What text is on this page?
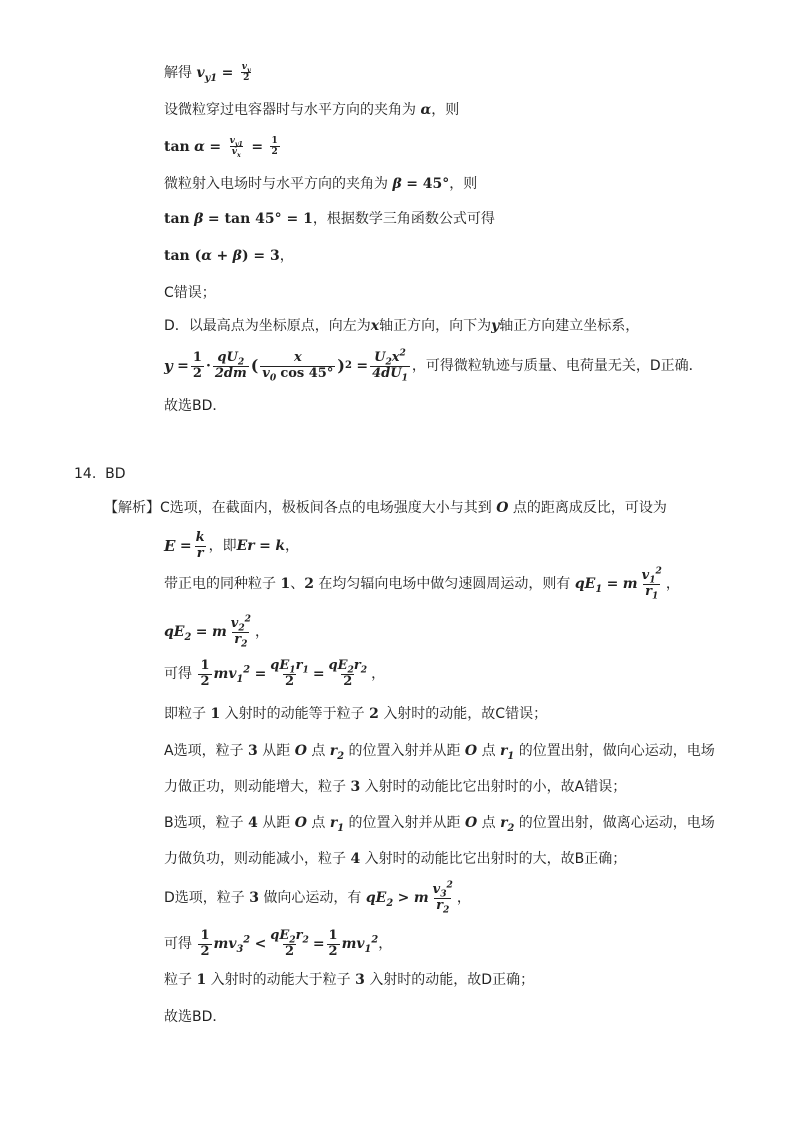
解得 $v_{y1} = \frac{v_y}{2}$
设微粒穿过电容器时与水平方向的夹角为 α，则
$\tan \alpha = \frac{v_{y1}}{v_x} = \frac{1}{2}$
微粒射入电场时与水平方向的夹角为 β = 45°，则
tan β = tan 45° = 1，根据数学三角函数公式可得
tan (α + β) = 3，
C错误；
D．以最高点为坐标原点，向左为x轴正方向，向下为y轴正方向建立坐标系，
y
= $\frac{1}{2} \cdot \frac{qU_2}{2dm}$ ( $\frac{x}{v_0 \cos 45^\circ}$ ) 2
= $\frac{U_2x^2}{4dU_1}$ ，可得微粒轨迹与质量、电荷量无关，D正确．
故选BD．
14. BD
【解析】C选项，在截面内，极板间各点的电场强度大小与其到 O 点的距离成反比，可设为
E
= $\frac{k}{r}$ ，即 Er
=
k ，
带正电的同种粒子
1 、 2
在均匀辐向电场中做匀速圆周运动，则有
$qE_1$
=
m $\frac{v_1^2}{r_1}$ ，
$qE_2$
=
m $\frac{v_2^2}{r_2}$ ，
可得
$\frac{1}{2} mv_1^2$
= $\frac{qE_1r_1}{2} = \frac{qE_2r_2}{2}$ ，
即粒子 1 入射时的动能等于粒子 2 入射时的动能，故C错误；
A选项，粒子 3 从距 O 点 $r_2$ 的位置入射并从距 O 点 $r_1$ 的位置出射，做向心运动，电场
力做正功，则动能增大，粒子 3 入射时的动能比它出射时的小，故A错误；
B选项，粒子 4 从距 O 点 $r_1$ 的位置入射并从距 O 点 $r_2$ 的位置出射，做离心运动，电场
力做负功，则动能减小，粒子 4 入射时的动能比它出射时的大，故B正确；
D选项，粒子
3
做向心运动，有
$qE_2$
>
m $\frac{v_3^2}{r_2}$ ，
可得
$\frac{1}{2} mv_3^2$
< $\frac{qE_2r_2}{2} = \frac{1}{2} mv_1^2$ ，
粒子 1 入射时的动能大于粒子 3 入射时的动能，故D正确；
故选BD．
